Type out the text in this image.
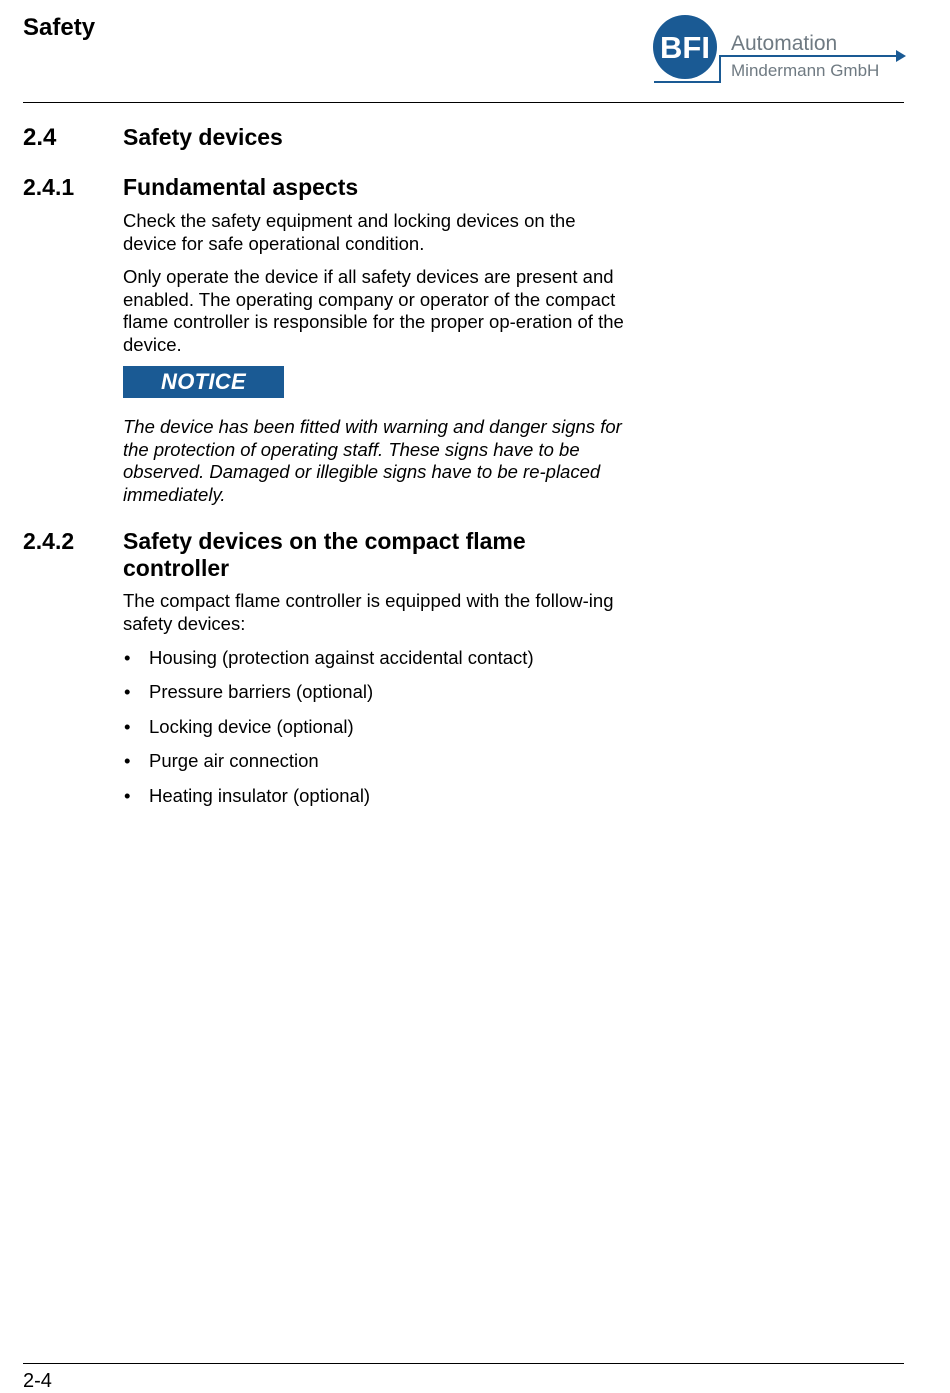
Safety
BFI Automation
Mindermann GmbH
2.4	Safety devices
2.4.1 Fundamental aspects

Check the safety equipment and locking devices on the device for safe operational condition.

Only operate the device if all safety devices are present and enabled. The operating company or operator of the compact flame controller is responsible for the proper op-eration of the device.

NOTICE

The device has been fitted with warning and danger signs for the protection of operating staff. These signs have to be observed. Damaged or illegible signs have to be re-placed immediately.

2.4.2 Safety devices on the compact flame
controller

The compact flame controller is equipped with the follow-ing safety devices:

• Housing (protection against accidental contact)
• Pressure barriers (optional)
• Locking device (optional)
• Purge air connection
• Heating insulator (optional)
2-4
